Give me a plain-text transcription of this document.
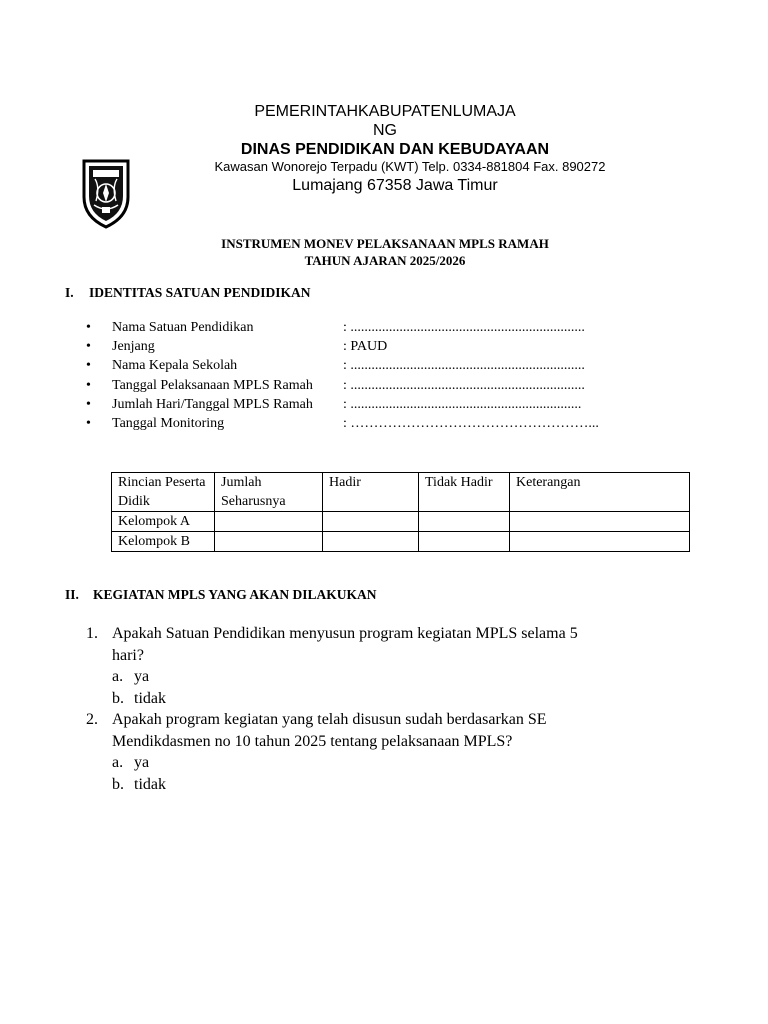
PEMERINTAHKABUPATENLUMAJA
NG
DINAS PENDIDIKAN DAN KEBUDAYAAN
Kawasan Wonorejo Terpadu (KWT) Telp. 0334-881804 Fax. 890272
Lumajang 67358 Jawa Timur
INSTRUMEN MONEV PELAKSANAAN MPLS RAMAH
TAHUN AJARAN 2025/2026
I. IDENTITAS SATUAN PENDIDIKAN
• Nama Satuan Pendidikan	: ...................................................................
• Jenjang	: PAUD
• Nama Kepala Sekolah	: ...................................................................
• Tanggal Pelaksanaan MPLS Ramah : ...................................................................
• Jumlah Hari/Tanggal MPLS Ramah : ..................................................................
• Tanggal Monitoring	: ……………………………………………...
Rincian Peserta Didik	Jumlah Seharusnya	Hadir	Tidak Hadir	Keterangan
Kelompok A				
Kelompok B				
II. KEGIATAN MPLS YANG AKAN DILAKUKAN
1. Apakah Satuan Pendidikan menyusun program kegiatan MPLS selama 5
hari?
a. ya
b. tidak
2. Apakah program kegiatan yang telah disusun sudah berdasarkan SE
Mendikdasmen no 10 tahun 2025 tentang pelaksanaan MPLS?
a. ya
b. tidak
